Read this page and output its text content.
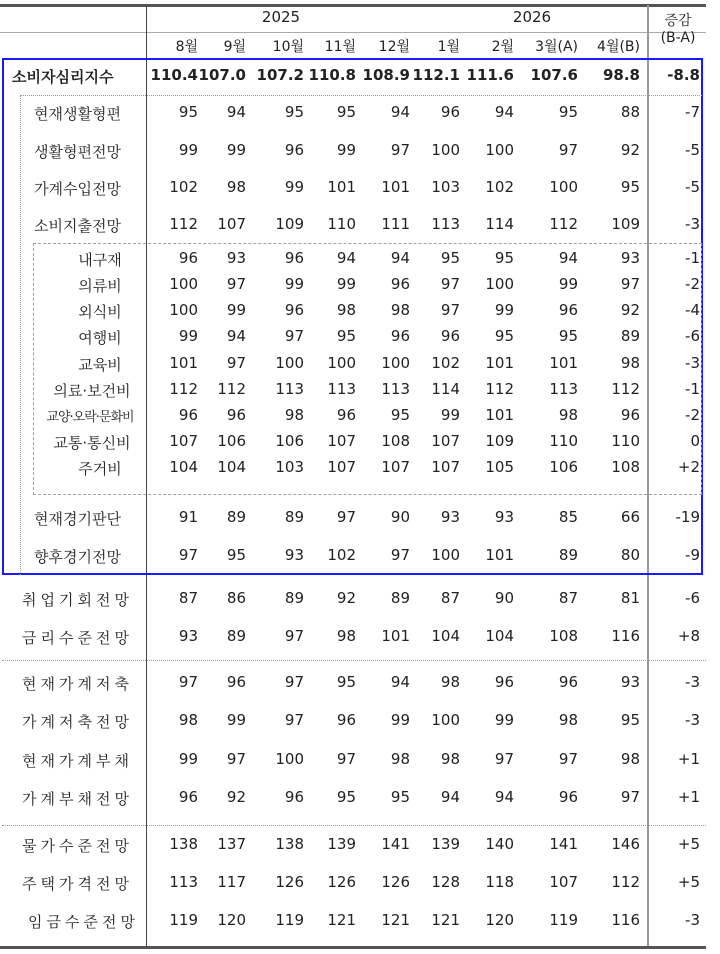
2025	2026
8월	9월	10월	11월	12월	1월	2월	3월(A)	4월(B)
증감
(B-A)
소비자심리지수	110.4 107.0 107.2 110.8 108.9 112.1 111.6	107.6	98.8	-8.8
현재생활형편	95	94	95	95	94	96	94	95	88	-7
생활형편전망	99	99	96	99	97	100	100	97	92	-5
가계수입전망	102	98	99	101	101	103	102	100	95	-5
소비지출전망	112	107	109	110	111	113	114	112	109	-3
내구재	96	93	96	94	94	95	95	94	93	-1
의류비	100	97	99	99	96	97	100	99	97	-2
외식비	100	99	96	98	98	97	99	96	92	-4
여행비	99	94	97	95	96	96	95	95	89	-6
교육비	101	97	100	100	100	102	101	101	98	-3
의료·보건비	112	112	113	113	113	114	112	113	112	-1
교양·오락·문화비	96	96	98	96	95	99	101	98	96	-2
교통·통신비	107	106	106	107	108	107	109	110	110	0
주거비	104	104	103	107	107	107	105	106	108	+2
현재경기판단	91	89	89	97	90	93	93	85	66	-19
향후경기전망	97	95	93	102	97	100	101	89	80	-9
취업기회전망	87	86	89	92	89	87	90	87	81	-6
금리수준전망	93	89	97	98	101	104	104	108	116	+8
현재가계저축	97	96	97	95	94	98	96	96	93	-3
가계저축전망	98	99	97	96	99	100	99	98	95	-3
현재가계부채	99	97	100	97	98	98	97	97	98	+1
가계부채전망	96	92	96	95	95	94	94	96	97	+1
물가수준전망	138	137	138	139	141	139	140	141	146	+5
주택가격전망	113	117	126	126	126	128	118	107	112	+5
임금수준전망	119	120	119	121	121	121	120	119	116	-3
